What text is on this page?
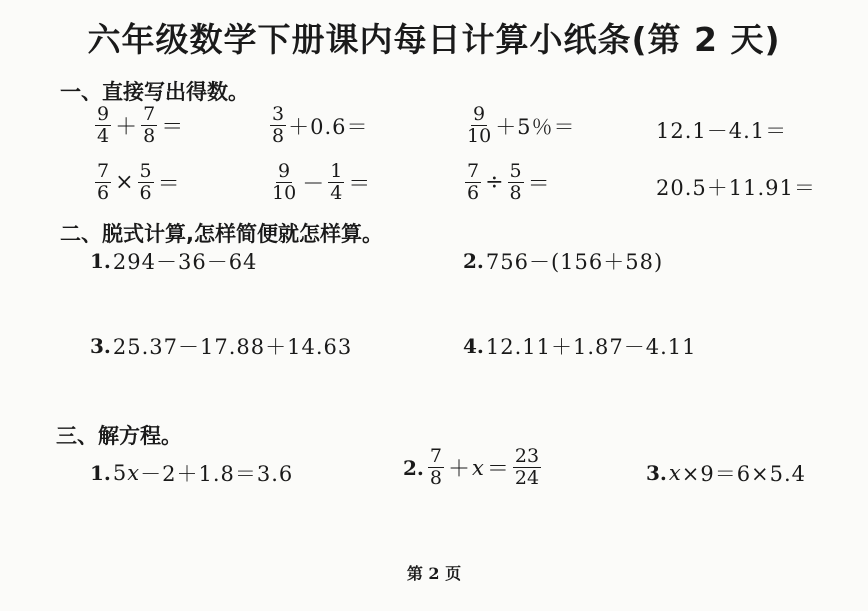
六年级数学下册课内每日计算小纸条(第 2 天)
一、直接写出得数。
$\frac{9}{4} + \frac{7}{8}$ ＝	$\frac{3}{8} +0.6=$	$\frac{9}{10} +5$％＝	12.1－4.1＝
$\frac{7}{6} \times \frac{5}{6}$ ＝	$\frac{9}{10} - \frac{1}{4}$ ＝	$\frac{7}{6} \div \frac{5}{8}$ ＝	20.5＋11.91＝
二、脱式计算,怎样简便就怎样算。
1. 294－36－64	2. 756－(156＋58)
3. 25.37－17.88＋14.63	4. 12.11＋1.87－4.11
三、解方程。
1. 5 x －2＋1.8＝3.6	2. $\frac{7}{8} + x = \frac{23}{24}$	3. x ×9＝6×5.4
第 2 页
